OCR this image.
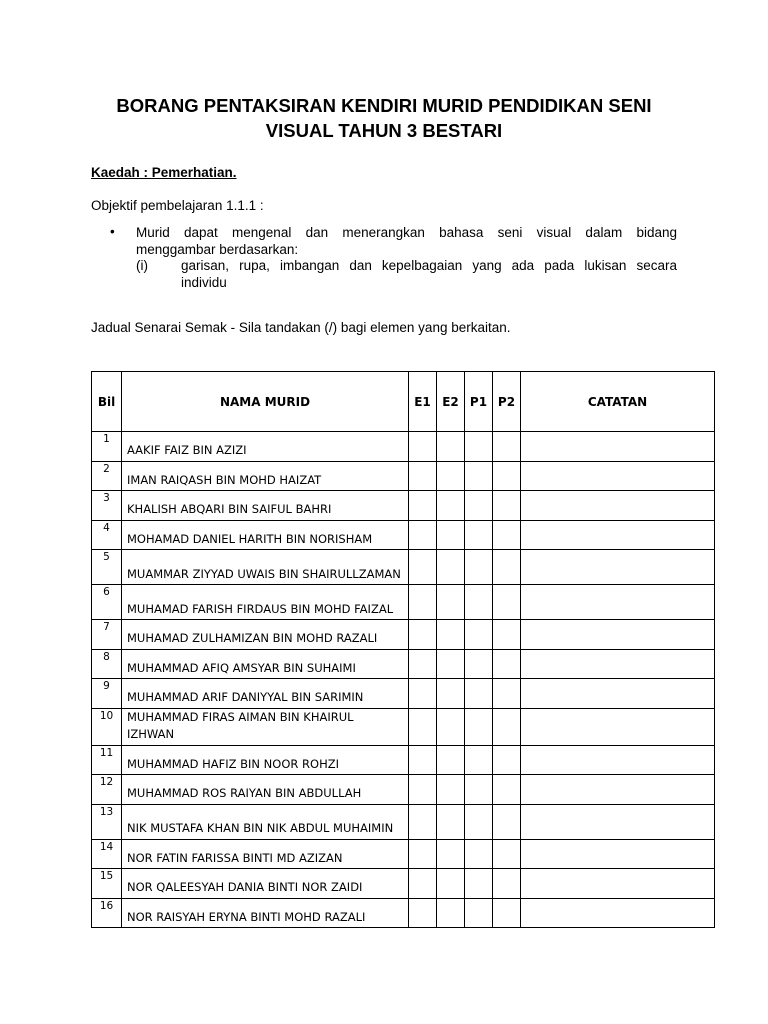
BORANG PENTAKSIRAN KENDIRI MURID PENDIDIKAN SENI
VISUAL TAHUN 3 BESTARI
Kaedah : Pemerhatian.
Objektif pembelajaran 1.1.1 :
• Murid dapat mengenal dan menerangkan bahasa seni visual dalam bidang
menggambar berdasarkan:
(i) garisan, rupa, imbangan dan kepelbagaian yang ada pada lukisan secara
individu
Jadual Senarai Semak - Sila tandakan (/) bagi elemen yang berkaitan.
Bil	NAMA MURID	E1	E2	P1	P2	CATATAN

1	AAKIF FAIZ BIN AZIZI					

2	IMAN RAIQASH BIN MOHD HAIZAT					

3	KHALISH ABQARI BIN SAIFUL BAHRI					

4	MOHAMAD DANIEL HARITH BIN NORISHAM					

5	MUAMMAR ZIYYAD UWAIS BIN SHAIRULLZAMAN					

6	MUHAMAD FARISH FIRDAUS BIN MOHD FAIZAL					

7	MUHAMAD ZULHAMIZAN BIN MOHD RAZALI					

8	MUHAMMAD AFIQ AMSYAR BIN SUHAIMI					

9	MUHAMMAD ARIF DANIYYAL BIN SARIMIN					

10	MUHAMMAD FIRAS AIMAN BIN KHAIRUL IZHWAN					

11	MUHAMMAD HAFIZ BIN NOOR ROHZI					

12	MUHAMMAD ROS RAIYAN BIN ABDULLAH					

13	NIK MUSTAFA KHAN BIN NIK ABDUL MUHAIMIN					

14	NOR FATIN FARISSA BINTI MD AZIZAN					

15	NOR QALEESYAH DANIA BINTI NOR ZAIDI					

16	NOR RAISYAH ERYNA BINTI MOHD RAZALI					
